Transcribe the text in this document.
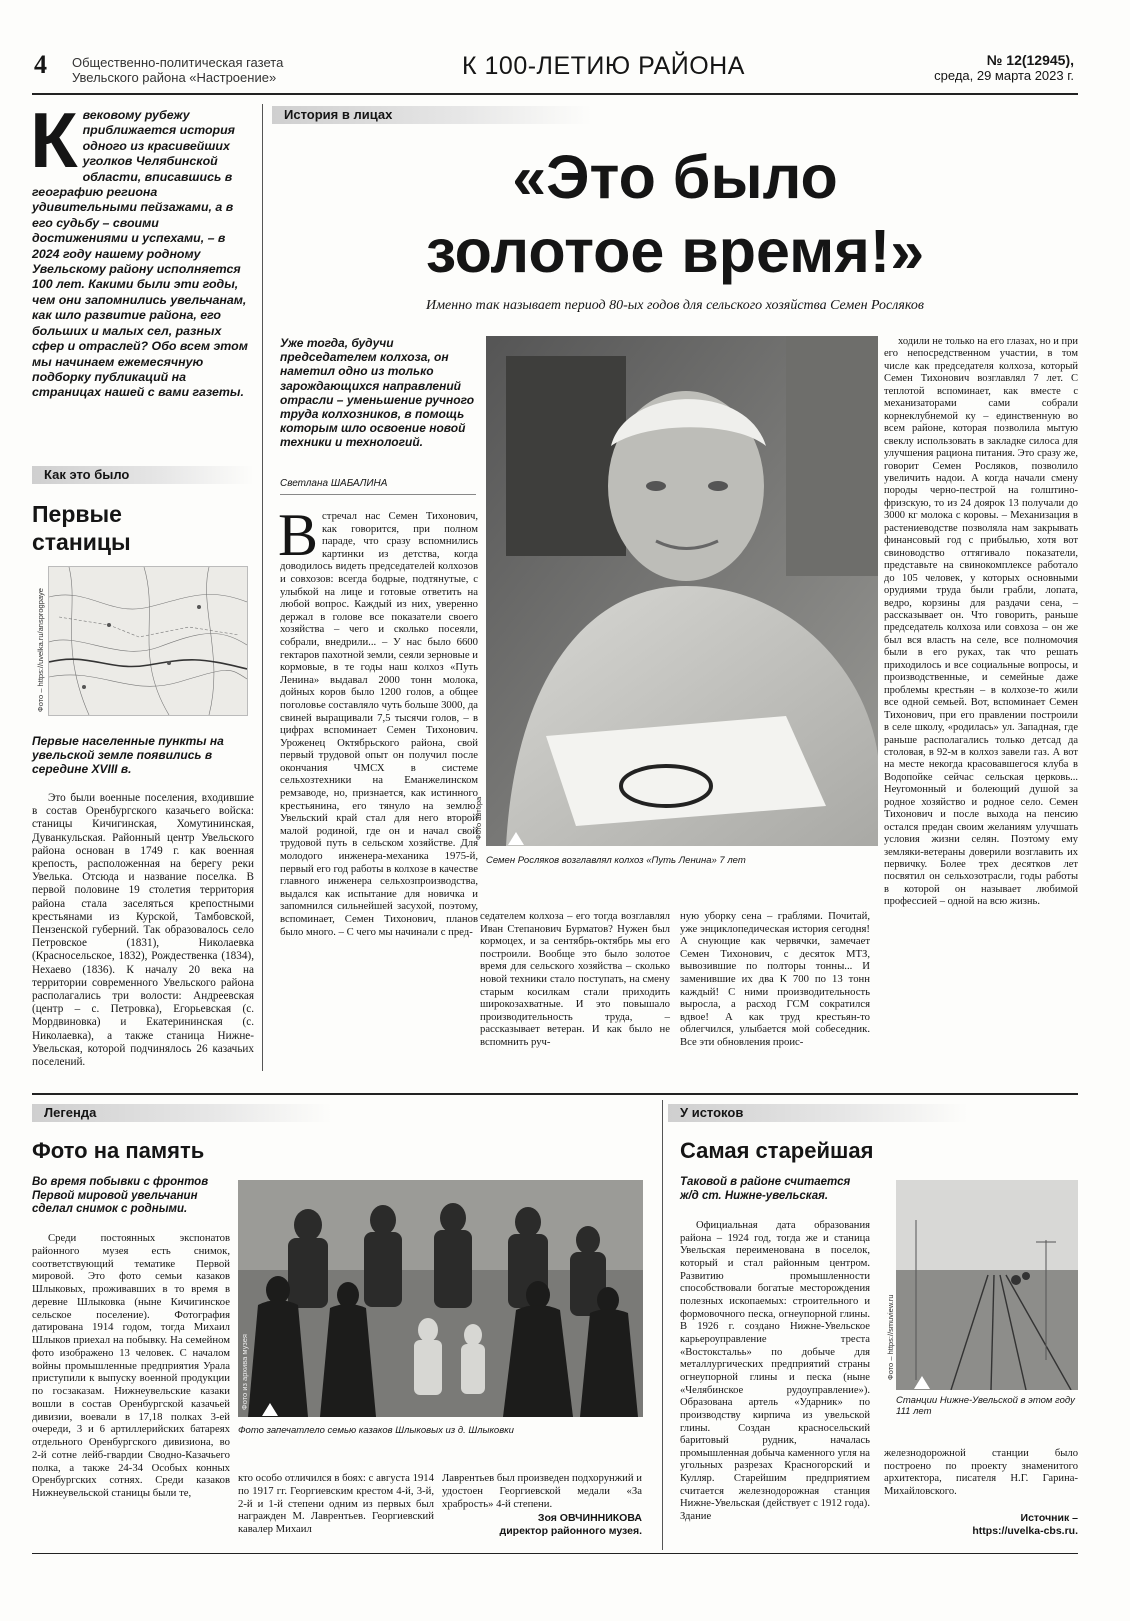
4 Общественно-политическая газета
Увельского района «Настроение»	К 100-ЛЕТИЮ РАЙОНА	№ 12(12945),
среда, 29 марта 2023 г.
К вековому рубежу приближается история одного из красивейших уголков Челябинской области, вписавшись в географию региона удивительными пейзажами, а в его судьбу – своими достижениями и успехами, – в 2024 году нашему родному Увельскому району исполняется 100 лет. Какими были эти годы, чем они запомнились увельчанам, как шло развитие района, его больших и малых сел, разных сфер и отраслей? Обо всем этом мы начинаем ежемесячную подборку публикаций на страницах нашей с вами газеты.

Как это было
Первые
станицы
Фото – https://uvelka.ru/ansprogpaye

Первые населенные пункты на увельской земле появились в середине XVIII в.

Это были военные поселения, входившие в состав Оренбургского казачьего войска: станицы Кичигинская, Хомутининская, Дуванкульская. Районный центр Увельского района основан в 1749 г. как военная крепость, расположенная на берегу реки Увелька. Отсюда и название поселка. В первой половине 19 столетия территория района стала заселяться крепостными крестьянами из Курской, Тамбовской, Пензенской губерний. Так образовалось село Петровское (1831), Николаевка (Красносельское, 1832), Рождественка (1834), Нехаево (1836). К началу 20 века на территории современного Увельского района располагались три волости: Андреевская (центр – с. Петровка), Егорьевская (с. Мордвиновка) и Екатерининская (с. Николаевка), а также станица Нижне-Увельская, которой подчинялось 26 казачьих поселений.

История в лицах
«Это было
золотое время!»
Именно так называет период 80-ых годов для сельского хозяйства Семен Росляков

Уже тогда, будучи председателем колхоза, он наметил одно из только зарождающихся направлений отрасли – уменьшение ручного труда колхозников, в помощь которым шло освоение новой техники и технологий.

Светлана ШАБАЛИНА
В стречал нас Семен Тихонович, как говорится, при полном параде, что сразу вспомнились картинки из детства, когда доводилось видеть председателей колхозов и совхозов: всегда бодрые, подтянутые, с улыбкой на лице и готовые ответить на любой вопрос. Каждый из них, уверенно держал в голове все показатели своего хозяйства – чего и сколько посеяли, собрали, внедрили... – У нас было 6600 гектаров пахотной земли, сеяли зерновые и кормовые, в те годы наш колхоз «Путь Ленина» выдавал 2000 тонн молока, дойных коров было 1200 голов, а общее поголовье составляло чуть больше 3000, да свиней выращивали 7,5 тысячи голов, – в цифрах вспоминает Семен Тихонович. Уроженец Октябрьского района, свой первый трудовой опыт он получил после окончания ЧМСХ в системе сельхозтехники на Еманжелинском ремзаводе, но, признается, как истинного крестьянина, его тянуло на землю. Увельский край стал для него второй малой родиной, где он и начал свой трудовой путь в сельском хозяйстве. Для молодого инженера-механика 1975-й, первый его год работы в колхозе в качестве главного инженера сельхозпроизводства, выдался как испытание для новичка и запомнился сильнейшей засухой, поэтому, вспоминает, Семен Тихонович, планов было много. – С чего мы начинали с пред-

Фото автора
Семен Росляков возглавлял колхоз «Путь Ленина» 7 лет

седателем колхоза – его тогда возглавлял Иван Степанович Бурматов? Нужен был кормоцех, и за сентябрь-октябрь мы его построили. Вообще это было золотое время для сельского хозяйства – сколько новой техники стало поступать, на смену старым косилкам стали приходить широкозахватные. И это повышало производительность труда, – рассказывает ветеран. И как было не вспомнить руч-

ную уборку сена – граблями. Почитай, уже энциклопедическая история сегодня! А снующие как червячки, замечает Семен Тихонович, с десяток МТЗ, вывозившие по полторы тонны... И заменившие их два К 700 по 13 тонн каждый! С ними производительность выросла, а расход ГСМ сократился вдвое! А как труд крестьян-то облегчился, улыбается мой собеседник. Все эти обновления проис-

ходили не только на его глазах, но и при его непосредственном участии, в том числе как председателя колхоза, который Семен Тихонович возглавлял 7 лет. С теплотой вспоминает, как вместе с механизаторами сами собрали корнеклубнемой ку – единственную во всем районе, которая позволила мытую свеклу использовать в закладке силоса для улучшения рациона питания. Это сразу же, говорит Семен Росляков, позволило увеличить надои. А когда начали смену породы черно-пестрой на голштино-фризскую, то из 24 доярок 13 получали до 3000 кг молока с коровы. – Механизация в растениеводстве позволяла нам закрывать финансовый год с прибылью, хотя вот свиноводство оттягивало показатели, представьте на свинокомплексе работало до 105 человек, у которых основными орудиями труда были грабли, лопата, ведро, корзины для раздачи сена, – рассказывает он. Что говорить, раньше председатель колхоза или совхоза – он же был вся власть на селе, все полномочия были в его руках, так что решать приходилось и все социальные вопросы, и производственные, и семейные даже проблемы крестьян – в колхозе-то жили все одной семьей. Вот, вспоминает Семен Тихонович, при его правлении построили в селе школу, «родилась» ул. Западная, где раньше располагались только детсад да столовая, в 92-м в колхоз завели газ. А вот на месте некогда красовавшегося клуба в Водопойке сейчас сельская церковь... Неугомонный и болеющий душой за родное хозяйство и родное село. Семен Тихонович и после выхода на пенсию остался предан своим желаниям улучшать условия жизни селян. Поэтому ему земляки-ветераны доверили возглавить их первичку. Более трех десятков лет посвятил он сельхозотрасли, годы работы в которой он называет любимой профессией – одной на всю жизнь.

Легенда
Фото на память

Во время побывки с фронтов Первой мировой увельчанин сделал снимок с родными.

Среди постоянных экспонатов районного музея есть снимок, соответствующий тематике Первой мировой. Это фото семьи казаков Шлыковых, проживавших в то время в деревне Шлыковка (ныне Кичигинское сельское поселение). Фотография датирована 1914 годом, тогда Михаил Шлыков приехал на побывку. На семейном фото изображено 13 человек. С началом войны промышленные предприятия Урала приступили к выпуску военной продукции по госзаказам. Нижнеувельские казаки вошли в состав Оренбургской казачьей дивизии, воевали в 17,18 полках 3-ей очереди, 3 и 6 артиллерийских батареях отдельного Оренбургского дивизиона, во 2-й сотне лейб-гвардии Сводно-Казачьего полка, а также 24-34 Особых конных Оренбургских сотнях. Среди казаков Нижнеувельской станицы были те,

Фото из архива музея
Фото запечатлело семью казаков Шлыковых из д. Шлыковки

кто особо отличился в боях: с августа 1914 по 1917 гг. Георгиевским крестом 4-й, 3-й, 2-й и 1-й степени одним из первых был награжден М. Лаврентьев. Георгиевский кавалер Михаил

Лаврентьев был произведен подхорунжий и удостоен Георгиевской медали «За храбрость» 4-й степени.

Зоя ОВЧИННИКОВА
директор районного музея.
У истоков
Самая старейшая

Таковой в районе считается ж/д ст. Нижне-увельская.

Официальная дата образования района – 1924 год, тогда же и станица Увельская переименована в поселок, который и стал районным центром. Развитию промышленности способствовали богатые месторождения полезных ископаемых: строительного и формовочного песка, огнеупорной глины. В 1926 г. создано Нижне-Увельское карьероуправление треста «Востокстальь» по добыче для металлургических предприятий страны огнеупорной глины и песка (ныне «Челябинское рудоуправление»). Образована артель «Ударник» по производству кирпича из увельской глины. Создан красносельский баритовый рудник, началась промышленная добыча каменного угля на угольных разрезах Красногорский и Кулляр. Старейшим предприятием считается железнодорожная станция Нижне-Увельская (действует с 1912 года). Здание

Фото – https://smuview.ru
Станции Нижне-Увельской в этом году 111 лет

железнодорожной станции было построено по проекту знаменитого архитектора, писателя Н.Г. Гарина-Михайловского.

Источник –
https://uvelka-cbs.ru.
